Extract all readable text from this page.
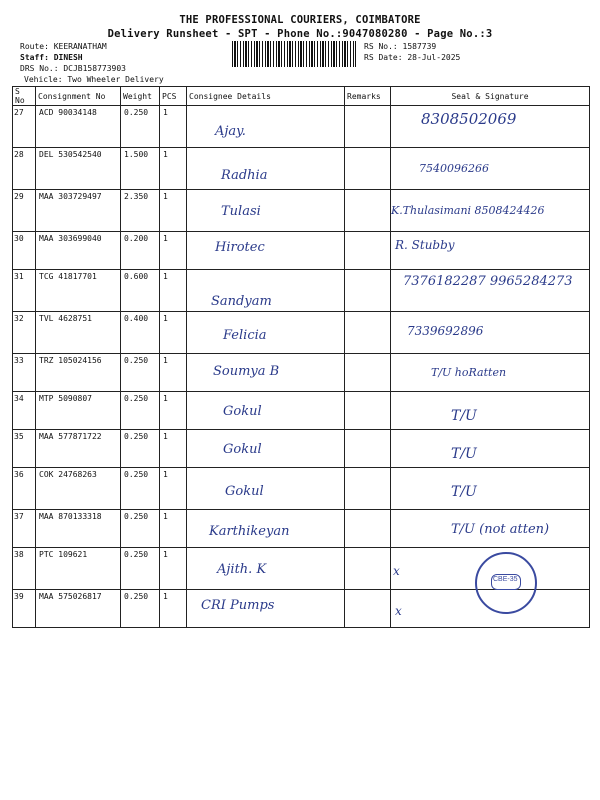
THE PROFESSIONAL COURIERS, COIMBATORE
Delivery Runsheet - SPT - Phone No.:9047080280 - Page No.:3
Route: KEERANATHAM
Staff: DINESH
DRS No.: DCJB158773903
Vehicle: Two Wheeler Delivery
RS No.: 1587739
RS Date: 28-Jul-2025
S No	Consignment No	Weight	PCS	Consignee Details	Remarks	Seal & Signature
27	ACD 90034148	0.250	1	Ajay.		8308502069

28	DEL 530542540	1.500	1	Radhia		7540096266

29	MAA 303729497	2.350	1	Tulasi		K.Thulasimani 8508424426

30	MAA 303699040	0.200	1	Hirotec		R. Stubby

31	TCG 41817701	0.600	1	Sandyam		7376182287 9965284273

32	TVL 4628751	0.400	1	Felicia		7339692896

33	TRZ 105024156	0.250	1	Soumya B		T/U hoRatten

34	MTP 5090807	0.250	1	Gokul		T/U

35	MAA 577871722	0.250	1	Gokul		T/U

36	COK 24768263	0.250	1	Gokul		T/U

37	MAA 870133318	0.250	1	Karthikeyan		T/U (not atten)

38	PTC 109621	0.250	1	Ajith. K		x
CBE-35

39	MAA 575026817	0.250	1	CRI Pumps		x
